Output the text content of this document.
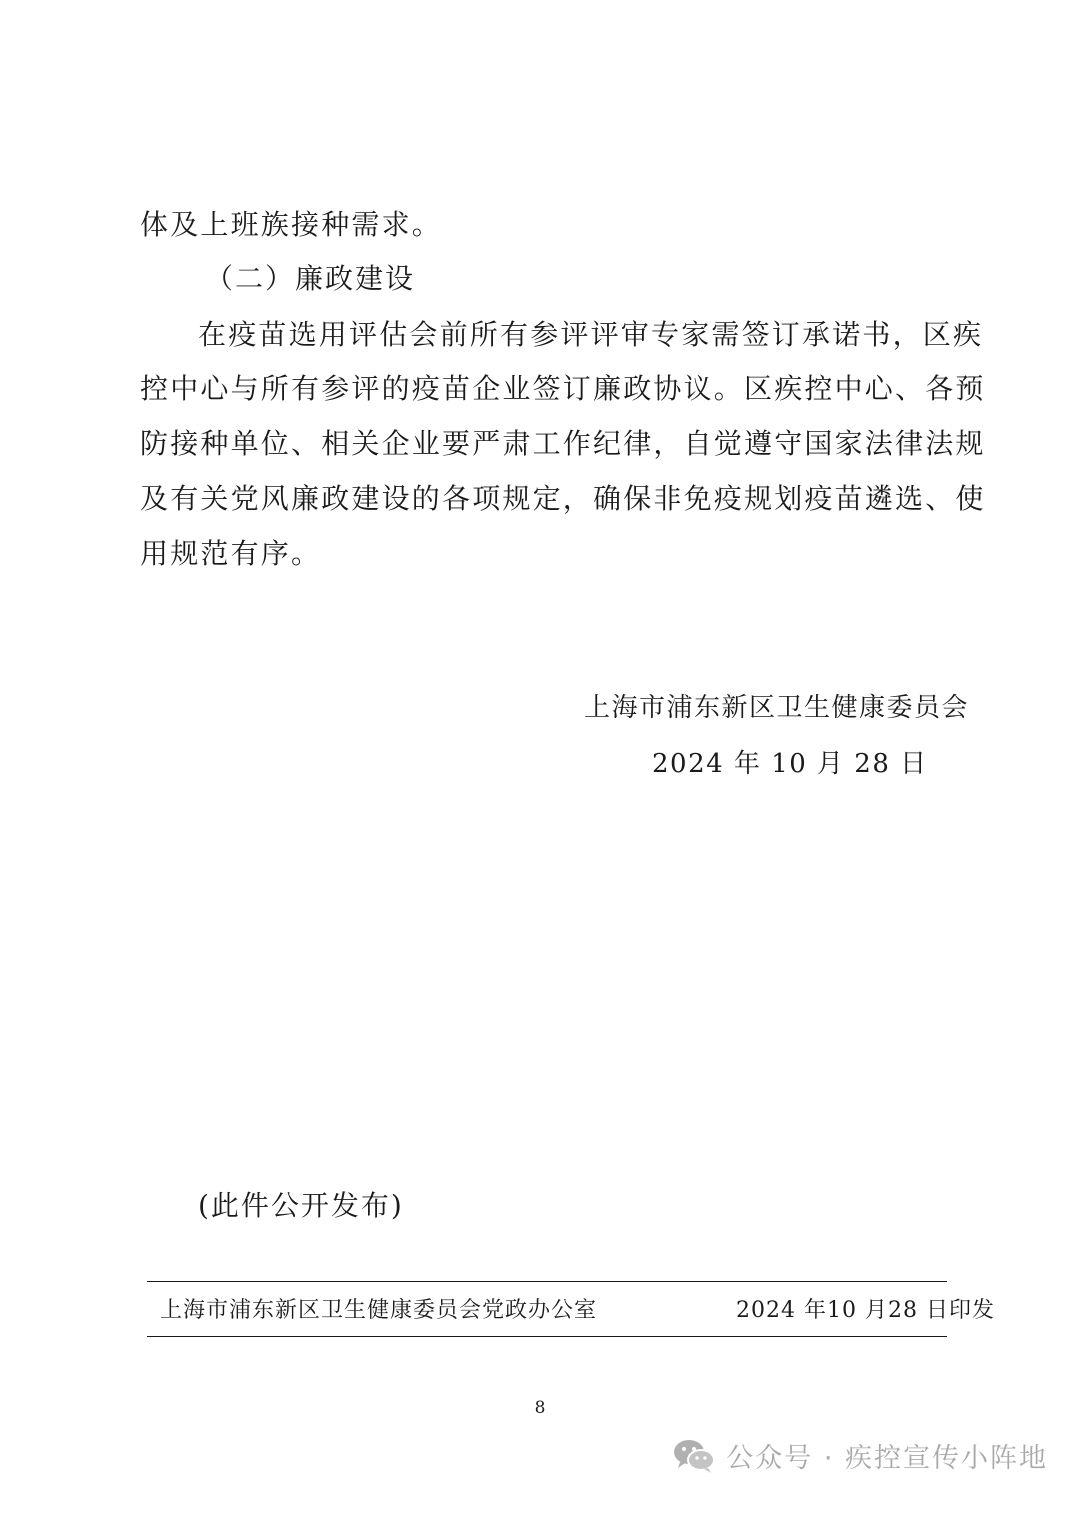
体及上班族接种需求。
（二）廉政建设
在疫苗选用评估会前所有参评评审专家需签订承诺书，区疾
控中心与所有参评的疫苗企业签订廉政协议。区疾控中心、各预
防接种单位、相关企业要严肃工作纪律，自觉遵守国家法律法规
及有关党风廉政建设的各项规定，确保非免疫规划疫苗遴选、使
用规范有序。
上海市浦东新区卫生健康委员会
2024 年 10 月 28 日
(此件公开发布)
上海市浦东新区卫生健康委员会党政办公室	2024 年10 月28 日印发
8
公众号 · 疾控宣传小阵地
